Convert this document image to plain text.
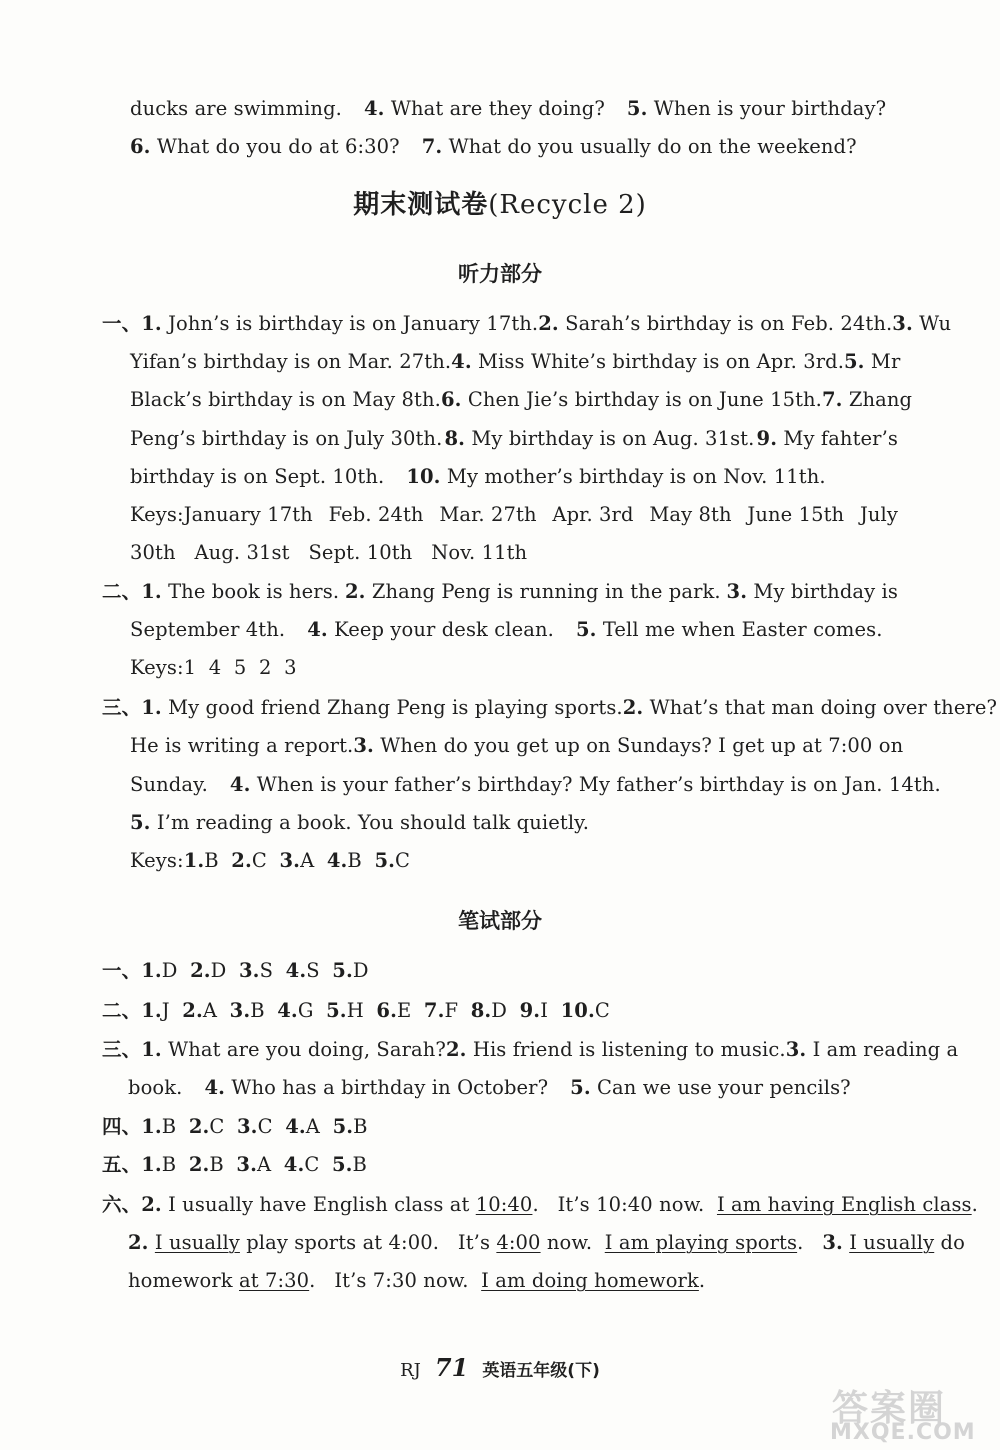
ducks are swimming. 4. What are they doing? 5. When is your birthday?
6. What do you do at 6:30? 7. What do you usually do on the weekend?
期末测试卷(Recycle 2)
听力部分
一、1. John’s is birthday is on January 17th. 2. Sarah’s birthday is on Feb. 24th. 3. Wu
Yifan’s birthday is on Mar. 27th. 4. Miss White’s birthday is on Apr. 3rd. 5. Mr
Black’s birthday is on May 8th. 6. Chen Jie’s birthday is on June 15th. 7. Zhang
Peng’s birthday is on July 30th. 8. My birthday is on Aug. 31st. 9. My fahter’s
birthday is on Sept. 10th. 10. My mother’s birthday is on Nov. 11th.
Keys:January 17th Feb. 24th Mar. 27th Apr. 3rd May 8th June 15th July
30th   Aug. 31st   Sept. 10th   Nov. 11th
二、1. The book is hers. 2. Zhang Peng is running in the park. 3. My birthday is
September 4th. 4. Keep your desk clean. 5. Tell me when Easter comes.
Keys:1  4  5  2  3
三、1. My good friend Zhang Peng is playing sports. 2. What’s that man doing over there?
He is writing a report. 3. When do you get up on Sundays? I get up at 7:00 on
Sunday. 4. When is your father’s birthday? My father’s birthday is on Jan. 14th.
5. I’m reading a book. You should talk quietly.
Keys:1.B 2.C 3.A 4.B 5.C
笔试部分
一、1.D 2.D 3.S 4.S 5.D
二、1.J 2.A 3.B 4.G 5.H 6.E 7.F 8.D 9.I 10.C
三、1. What are you doing, Sarah? 2. His friend is listening to music. 3. I am reading a
book. 4. Who has a birthday in October? 5. Can we use your pencils?
四、1.B 2.C 3.C 4.A 5.B
五、1.B 2.B 3.A 4.C 5.B
六、2. I usually have English class at 10:40.   It’s 10:40 now.  I am having English class.
2. I usually play sports at 4:00.   It’s 4:00 now.  I am playing sports.   3. I usually do
homework at 7:30.   It’s 7:30 now.  I am doing homework.
RJ 71 英语五年级(下)
答案圈
MXQE.COM
